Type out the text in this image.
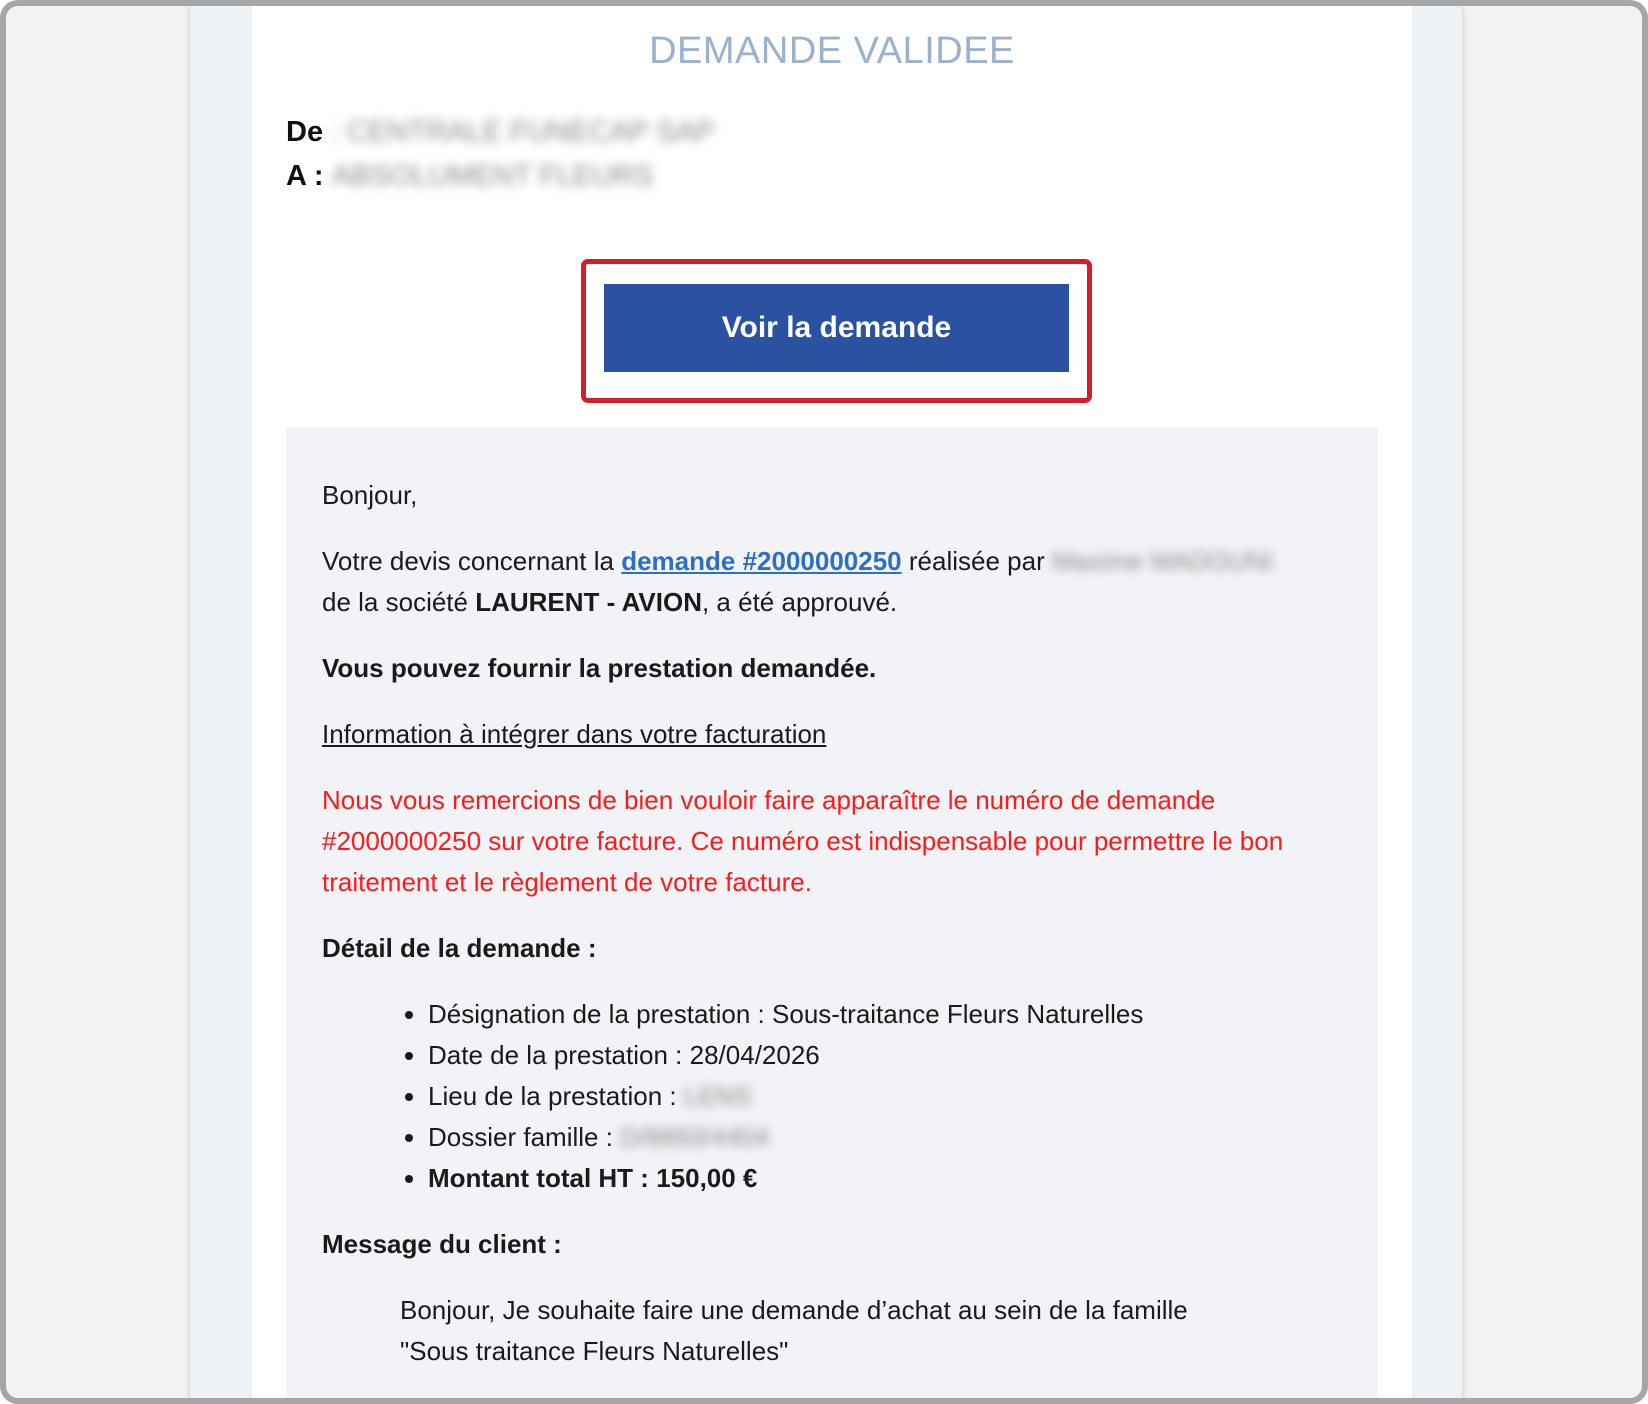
DEMANDE VALIDEE
De : CENTRALE FUNECAP SAP
A : ABSOLUMENT FLEURS
Voir la demande

Bonjour,

Votre devis concernant la demande #2000000250 réalisée par Maxime MADOUNI
de la société LAURENT - AVION, a été approuvé.

Vous pouvez fournir la prestation demandée.

Information à intégrer dans votre facturation

Nous vous remercions de bien vouloir faire apparaître le numéro de demande #2000000250 sur votre facture. Ce numéro est indispensable pour permettre le bon traitement et le règlement de votre facture.

Détail de la demande :

• Désignation de la prestation : Sous-traitance Fleurs Naturelles
• Date de la prestation : 28/04/2026
• Lieu de la prestation : LENS
• Dossier famille : D/8893/4404
• Montant total HT : 150,00 €

Message du client :

Bonjour, Je souhaite faire une demande d’achat au sein de la famille
"Sous traitance Fleurs Naturelles"
